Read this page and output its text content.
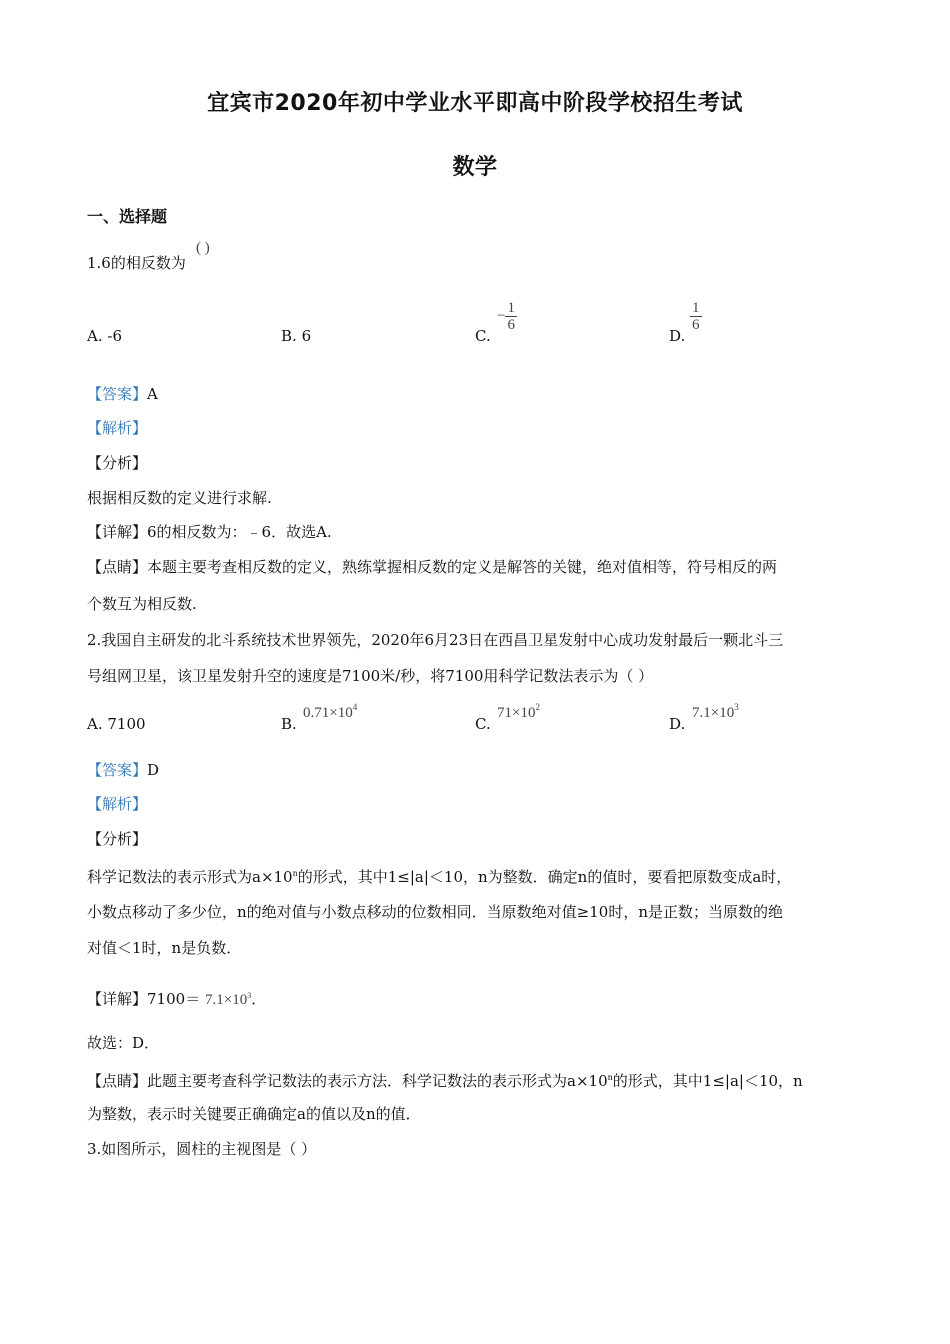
宜宾市2020年初中学业水平即高中阶段学校招生考试
数学
一、选择题
1.6的相反数为
( )
A. -6	B. 6	C.
− $\frac{1}{6}$
D.
$\frac{1}{6}$
【答案】A
【解析】
【分析】
根据相反数的定义进行求解.
【详解】6的相反数为：﹣6．故选A.
【点睛】本题主要考查相反数的定义，熟练掌握相反数的定义是解答的关键，绝对值相等，符号相反的两
个数互为相反数.
2.我国自主研发的北斗系统技术世界领先，2020年6月23日在西昌卫星发射中心成功发射最后一颗北斗三
号组网卫星，该卫星发射升空的速度是7100米/秒，将7100用科学记数法表示为（ ）
A. 7100	B.
$0.71\times 10^4$
C.
$71\times 10^2$
D.
$7.1\times 10^3$
【答案】D
【解析】
【分析】
科学记数法的表示形式为$a\times 10^n$的形式，其中1≤|a|＜10，n为整数．确定n的值时，要看把原数变成a时，
小数点移动了多少位，n的绝对值与小数点移动的位数相同．当原数绝对值≥10时，n是正数；当原数的绝
对值＜1时，n是负数．
【详解】$7100= 7.1\times 10^3$．
故选：D．
【点睛】此题主要考查科学记数法的表示方法．科学记数法的表示形式为$a\times 10^n$的形式，其中1≤|a|＜10，n
为整数，表示时关键要正确确定a的值以及n的值．
3.如图所示，圆柱的主视图是（ ）
